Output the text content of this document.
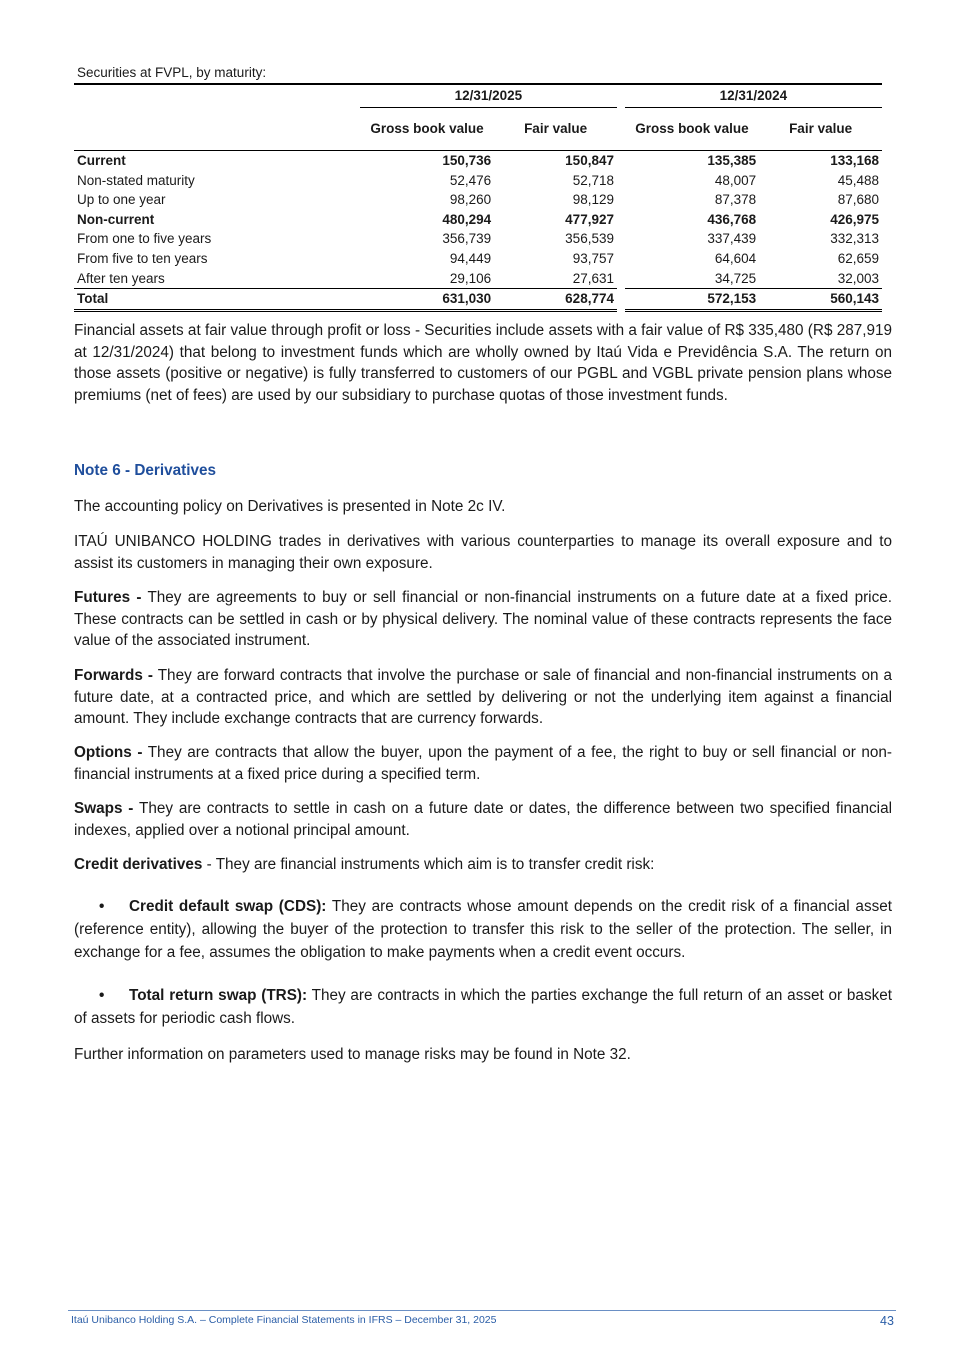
Securities at FVPL, by maturity:
	12/31/2025			12/31/2024	
	Gross book value	Fair value		Gross book value	Fair value
Current	150,736	150,847		135,385	133,168
Non-stated maturity	52,476	52,718		48,007	45,488
Up to one year	98,260	98,129		87,378	87,680
Non-current	480,294	477,927		436,768	426,975
From one to five years	356,739	356,539		337,439	332,313
From five to ten years	94,449	93,757		64,604	62,659
After ten years	29,106	27,631		34,725	32,003
Total	631,030	628,774		572,153	560,143

Financial assets at fair value through profit or loss - Securities include assets with a fair value of R$ 335,480 (R$ 287,919 at 12/31/2024) that belong to investment funds which are wholly owned by Itaú Vida e Previdência S.A. The return on those assets (positive or negative) is fully transferred to customers of our PGBL and VGBL private pension plans whose premiums (net of fees) are used by our subsidiary to purchase quotas of those investment funds.

Note 6 - Derivatives

The accounting policy on Derivatives is presented in Note 2c IV.

ITAÚ UNIBANCO HOLDING trades in derivatives with various counterparties to manage its overall exposure and to assist its customers in managing their own exposure.

Futures - They are agreements to buy or sell financial or non-financial instruments on a future date at a fixed price. These contracts can be settled in cash or by physical delivery. The nominal value of these contracts represents the face value of the associated instrument.

Forwards - They are forward contracts that involve the purchase or sale of financial and non-financial instruments on a future date, at a contracted price, and which are settled by delivering or not the underlying item against a financial amount. They include exchange contracts that are currency forwards.

Options - They are contracts that allow the buyer, upon the payment of a fee, the right to buy or sell financial or non-financial instruments at a fixed price during a specified term.

Swaps - They are contracts to settle in cash on a future date or dates, the difference between two specified financial indexes, applied over a notional principal amount.

Credit derivatives - They are financial instruments which aim is to transfer credit risk:

• Credit default swap (CDS): They are contracts whose amount depends on the credit risk of a financial asset (reference entity), allowing the buyer of the protection to transfer this risk to the seller of the protection. The seller, in exchange for a fee, assumes the obligation to make payments when a credit event occurs.

• Total return swap (TRS): They are contracts in which the parties exchange the full return of an asset or basket of assets for periodic cash flows.

Further information on parameters used to manage risks may be found in Note 32.

Itaú Unibanco Holding S.A. – Complete Financial Statements in IFRS – December 31, 2025	43
